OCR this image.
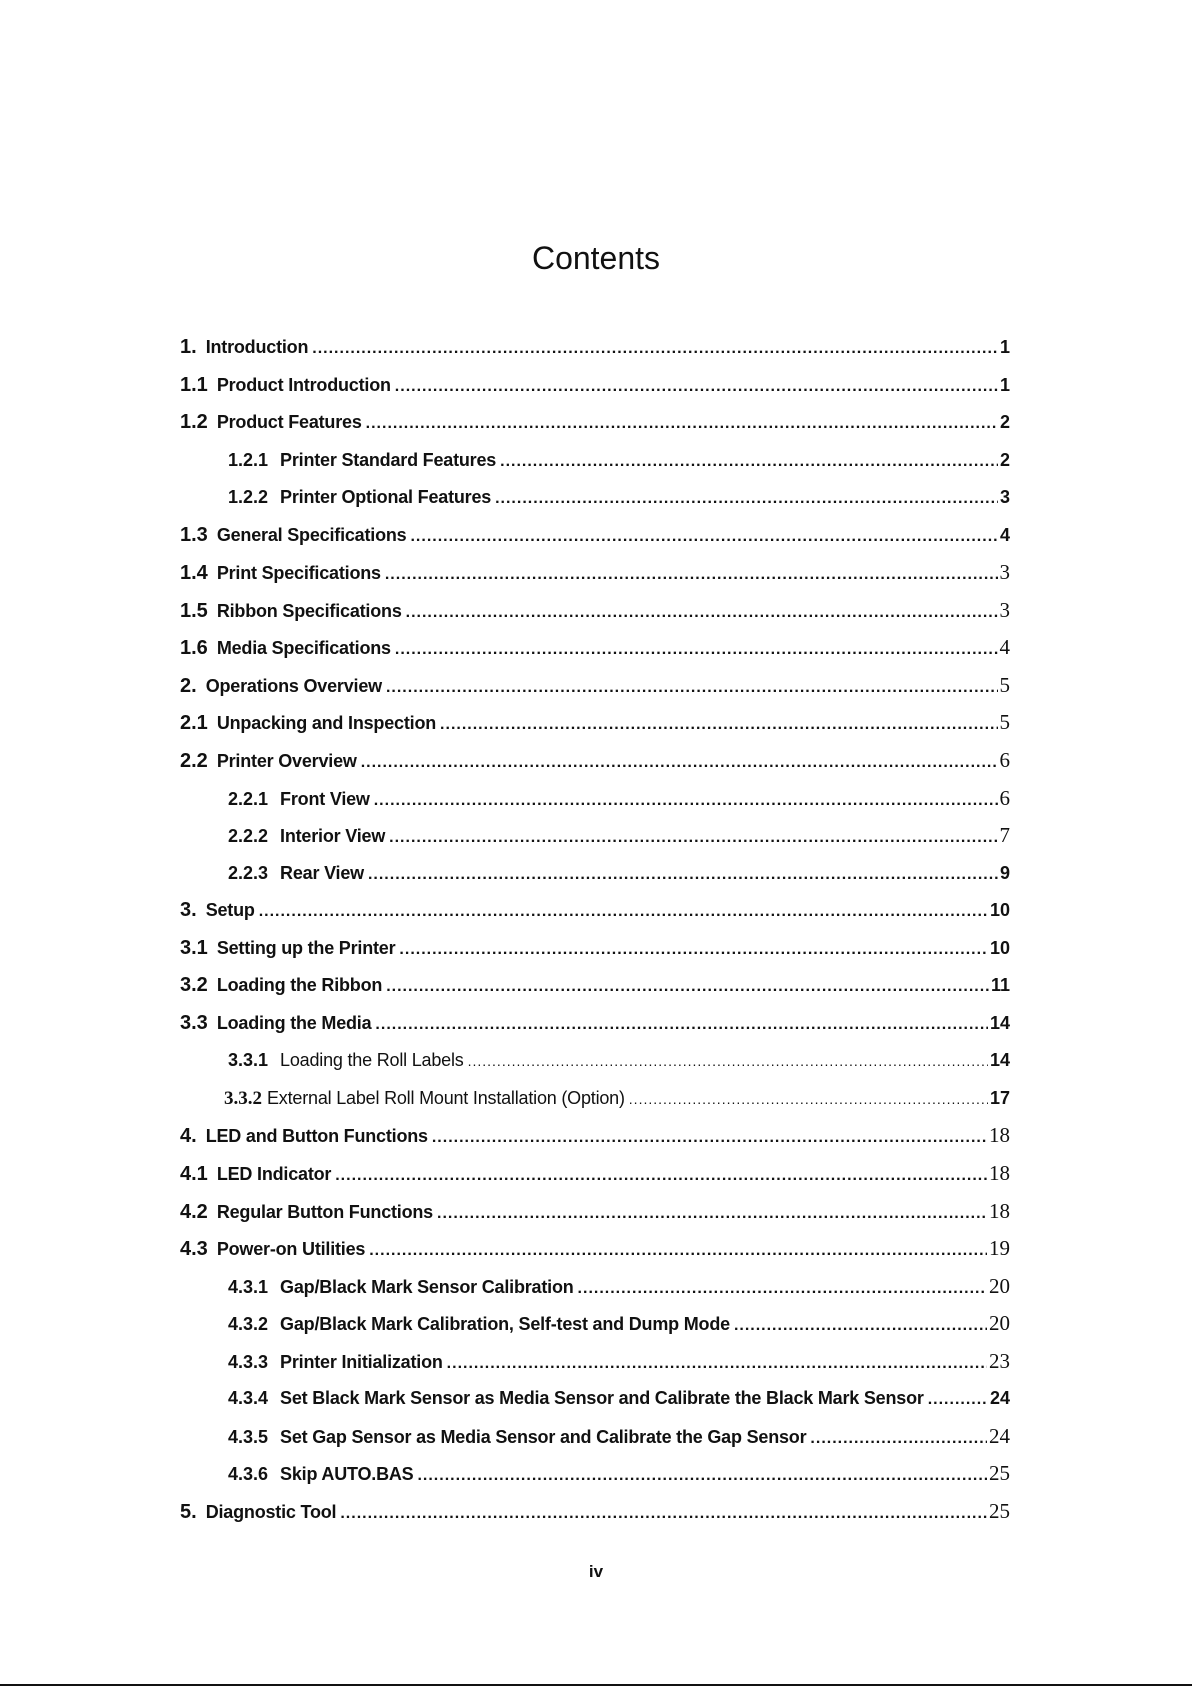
Contents
1. Introduction .....	1
1.1 Product Introduction .....	1
1.2 Product Features .....	2
1.2.1 Printer Standard Features .....	2
1.2.2 Printer Optional Features .....	3
1.3 General Specifications .....	4
1.4 Print Specifications .....	3
1.5 Ribbon Specifications .....	3
1.6 Media Specifications .....	4
2. Operations Overview .....	5
2.1 Unpacking and Inspection .....	5
2.2 Printer Overview .....	6
2.2.1 Front View .....	6
2.2.2 Interior View .....	7
2.2.3 Rear View .....	9
3. Setup .....	10
3.1 Setting up the Printer .....	10
3.2 Loading the Ribbon .....	11
3.3 Loading the Media .....	14
3.3.1 Loading the Roll Labels .....	14
3.3.2 External Label Roll Mount Installation (Option) .....	17
4. LED and Button Functions .....	18
4.1 LED Indicator .....	18
4.2 Regular Button Functions .....	18
4.3 Power-on Utilities .....	19
4.3.1 Gap/Black Mark Sensor Calibration .....	20
4.3.2 Gap/Black Mark Calibration, Self-test and Dump Mode .....	20
4.3.3 Printer Initialization .....	23
4.3.4 Set Black Mark Sensor as Media Sensor and Calibrate the Black Mark Sensor .....	24
4.3.5 Set Gap Sensor as Media Sensor and Calibrate the Gap Sensor .....	24
4.3.6 Skip AUTO.BAS .....	25
5. Diagnostic Tool .....	25
iv
